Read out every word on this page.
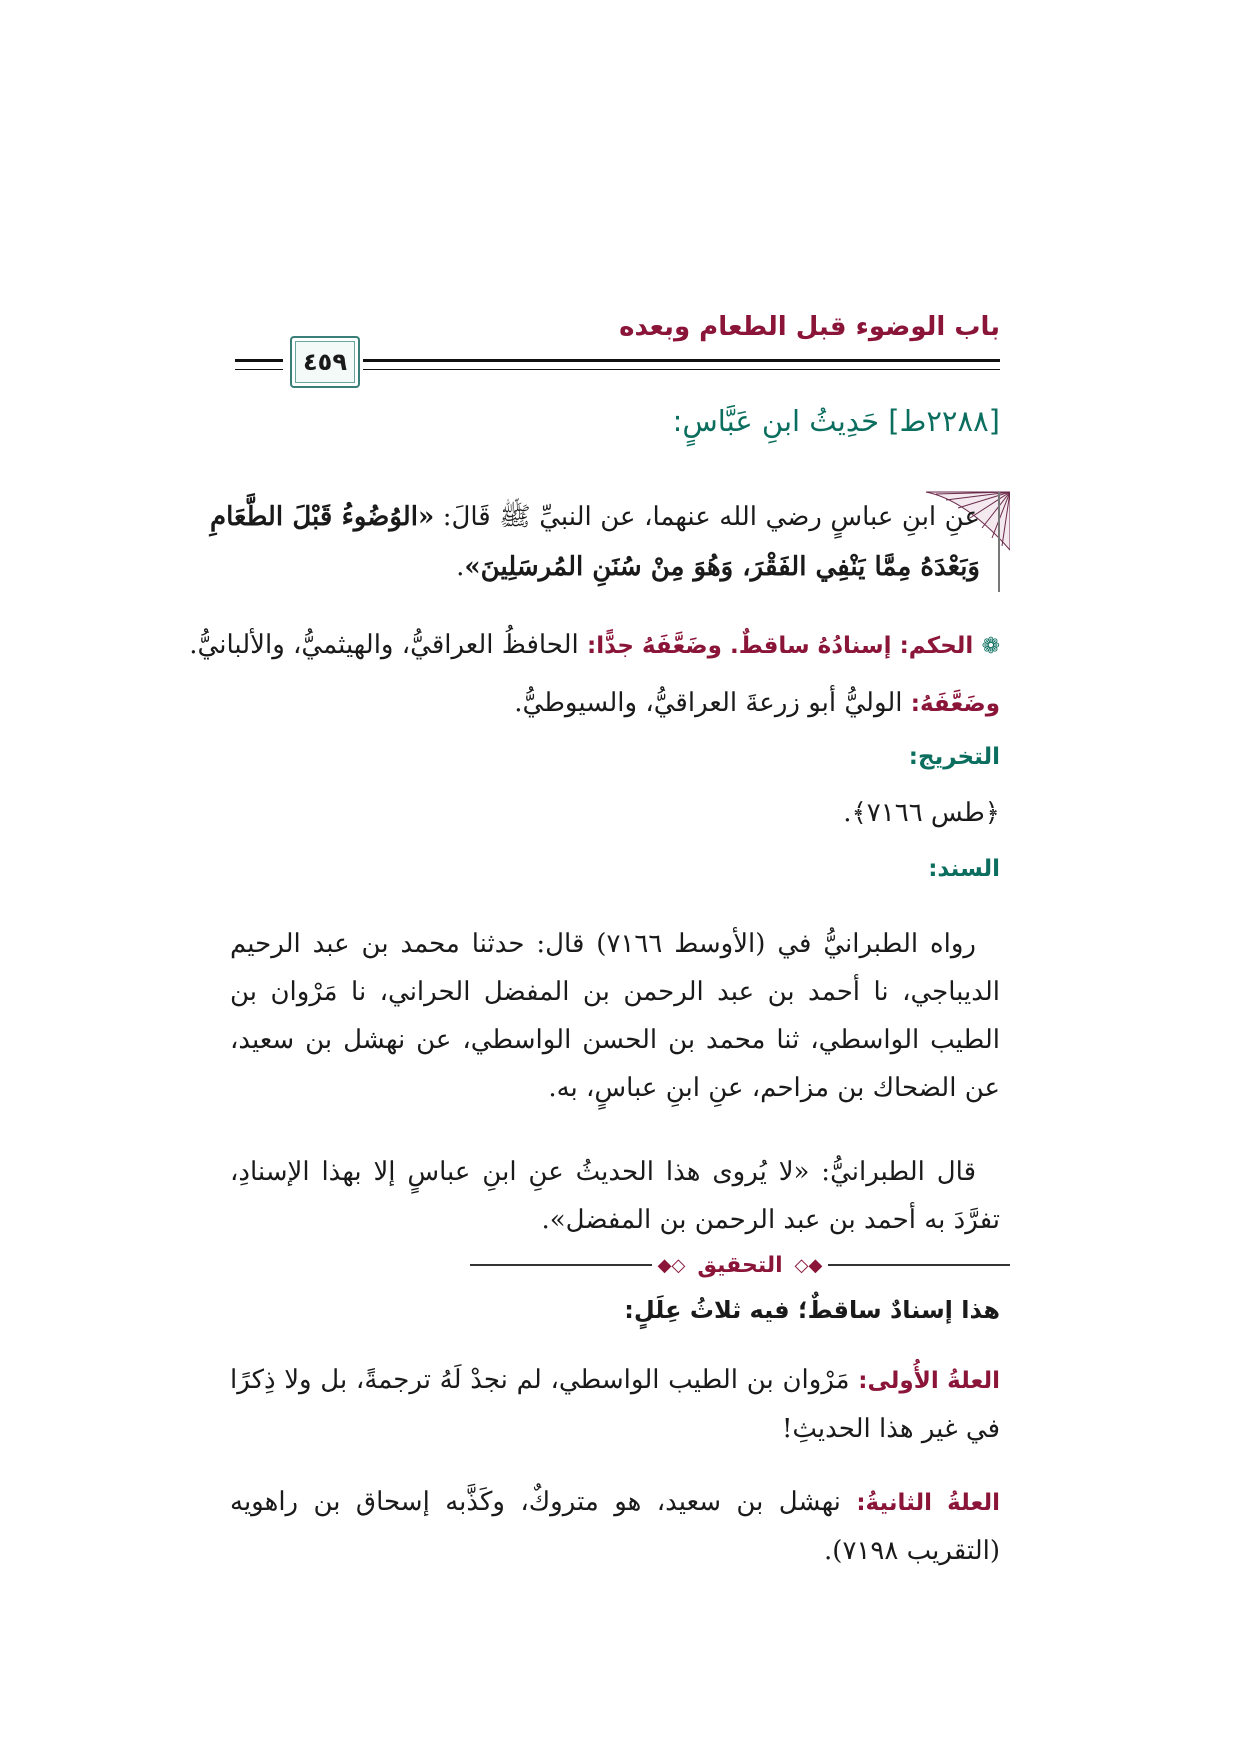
باب الوضوء قبل الطعام وبعده
٤٥٩
[٢٢٨٨ط] حَدِيثُ ابنِ عَبَّاسٍ:
عنِ ابنِ عباسٍ رضي الله عنهما، عن النبيِّ ﷺ قَالَ: «الوُضُوءُ قَبْلَ الطَّعَامِ وَبَعْدَهُ مِمَّا يَنْفِي الفَقْرَ، وَهُوَ مِنْ سُنَنِ المُرسَلِينَ».
❁ الحكم: إسنادُهُ ساقطٌ. وضَعَّفَهُ جدًّا: الحافظُ العراقيُّ، والهيثميُّ، والألبانيُّ.
وضَعَّفَهُ: الوليُّ أبو زرعةَ العراقيُّ، والسيوطيُّ.
التخريج:
﴿طس ٧١٦٦﴾.
السند:
رواه الطبرانيُّ في (الأوسط ٧١٦٦) قال: حدثنا محمد بن عبد الرحيم الديباجي، نا أحمد بن عبد الرحمن بن المفضل الحراني، نا مَرْوان بن الطيب الواسطي، ثنا محمد بن الحسن الواسطي، عن نهشل بن سعيد، عن الضحاك بن مزاحم، عنِ ابنِ عباسٍ، به.
قال الطبرانيُّ: «لا يُروى هذا الحديثُ عنِ ابنِ عباسٍ إلا بهذا الإسنادِ، تفرَّدَ به أحمد بن عبد الرحمن بن المفضل».
◆◇
التحقيق
◇◆
هذا إسنادٌ ساقطٌ؛ فيه ثلاثُ عِلَلٍ:
العلةُ الأُولى: مَرْوان بن الطيب الواسطي، لم نجدْ لَهُ ترجمةً، بل ولا ذِكرًا في غير هذا الحديثِ!
العلةُ الثانيةُ: نهشل بن سعيد، هو متروكٌ، وكَذَّبه إسحاق بن راهويه (التقريب ٧١٩٨).
